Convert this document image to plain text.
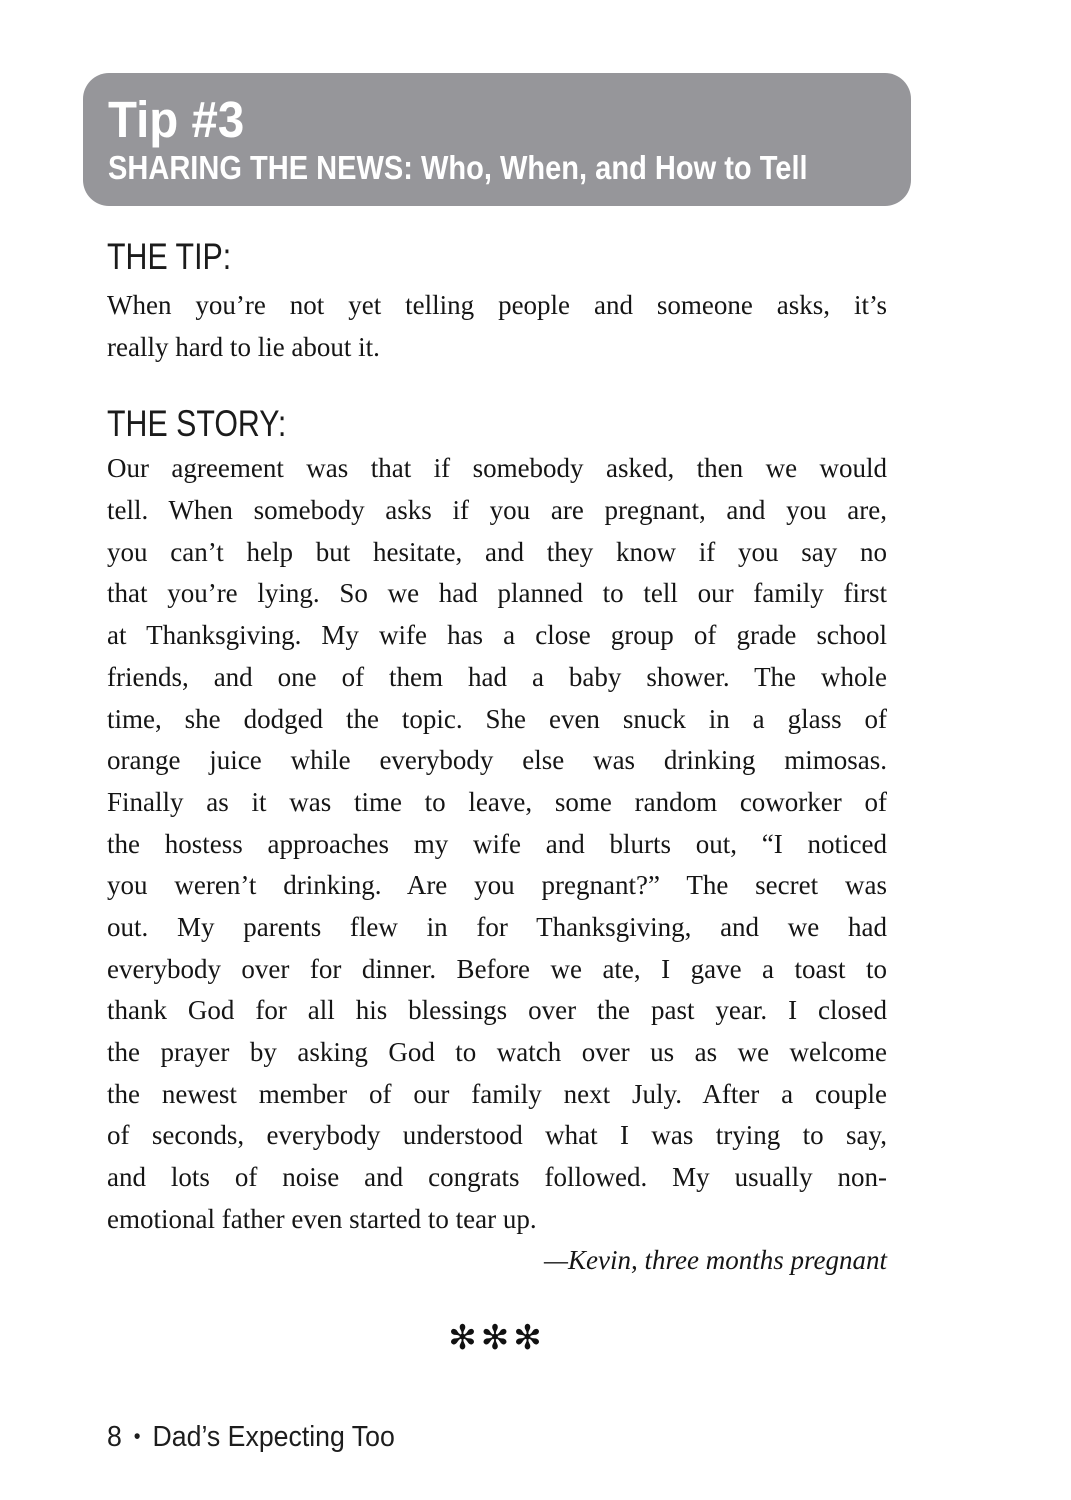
Tip #3
SHARING THE NEWS: Who, When, and How to Tell
THE TIP:
When you’re not yet telling people and someone asks, it’s
really hard to lie about it.
THE STORY:
Our agreement was that if somebody asked, then we would
tell. When somebody asks if you are pregnant, and you are,
you can’t help but hesitate, and they know if you say no
that you’re lying. So we had planned to tell our family first
at Thanksgiving. My wife has a close group of grade school
friends, and one of them had a baby shower. The whole
time, she dodged the topic. She even snuck in a glass of
orange juice while everybody else was drinking mimosas.
Finally as it was time to leave, some random coworker of
the hostess approaches my wife and blurts out, “I noticed
you weren’t drinking. Are you pregnant?” The secret was
out. My parents flew in for Thanksgiving, and we had
everybody over for dinner. Before we ate, I gave a toast to
thank God for all his blessings over the past year. I closed
the prayer by asking God to watch over us as we welcome
the newest member of our family next July. After a couple
of seconds, everybody understood what I was trying to say,
and lots of noise and congrats followed. My usually non-
emotional father even started to tear up.
—Kevin, three months pregnant
✻✻✻
8 • Dad’s Expecting Too
